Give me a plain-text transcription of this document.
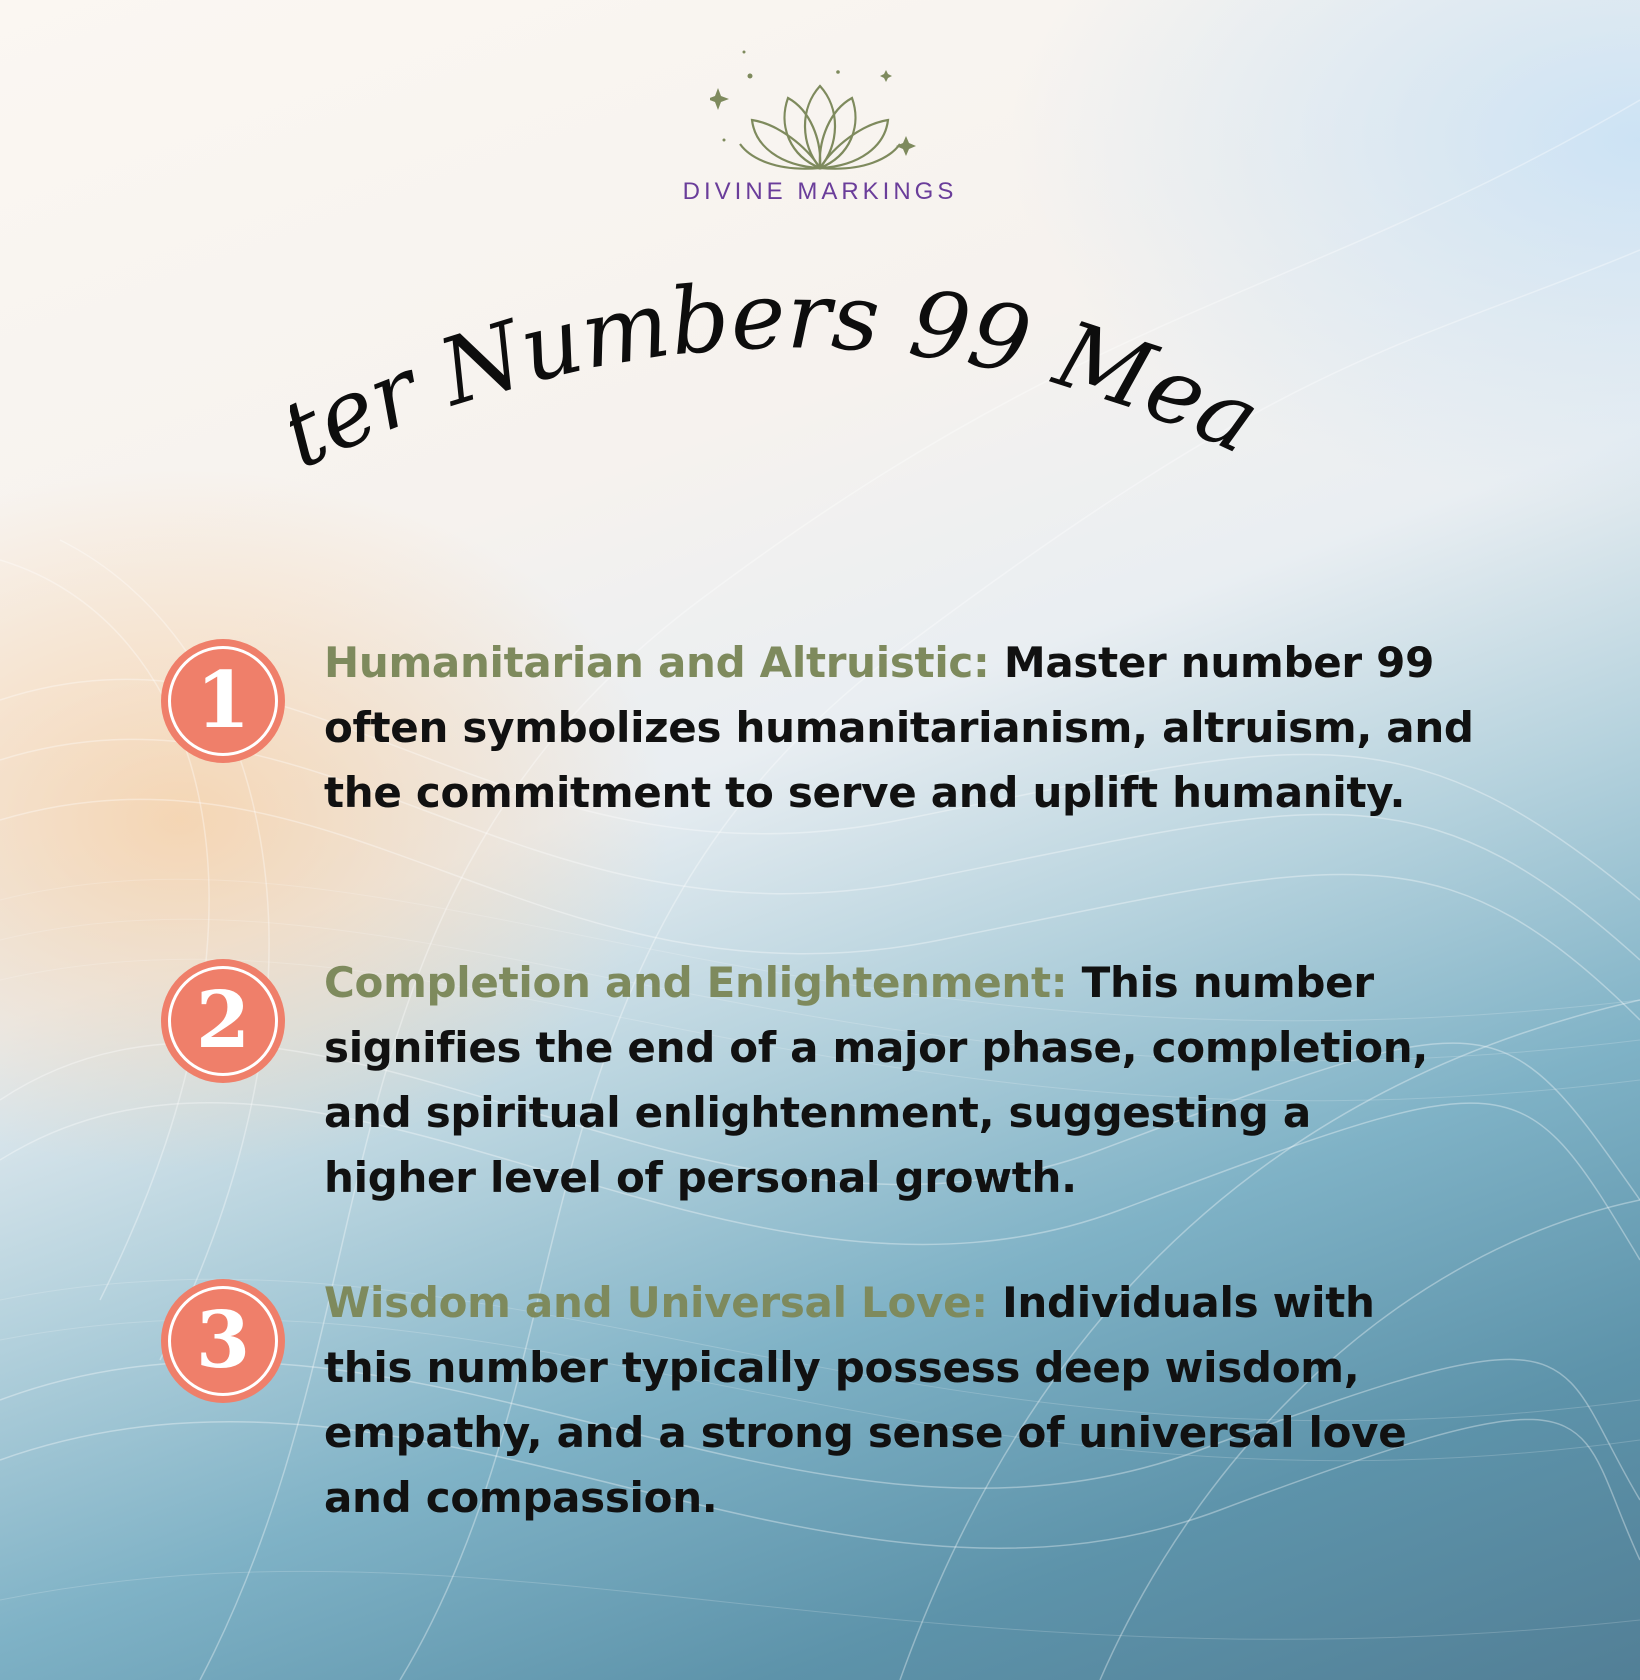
DIVINE MARKINGS
er Numbers 99 Mea
1	Humanitarian and Altruistic: Master number 99 often symbolizes humanitarianism, altruism, and the commitment to serve and uplift humanity.
2	Completion and Enlightenment: This number signifies the end of a major phase, completion, and spiritual enlightenment, suggesting a higher level of personal growth.
3	Wisdom and Universal Love: Individuals with this number typically possess deep wisdom, empathy, and a strong sense of universal love and compassion.
